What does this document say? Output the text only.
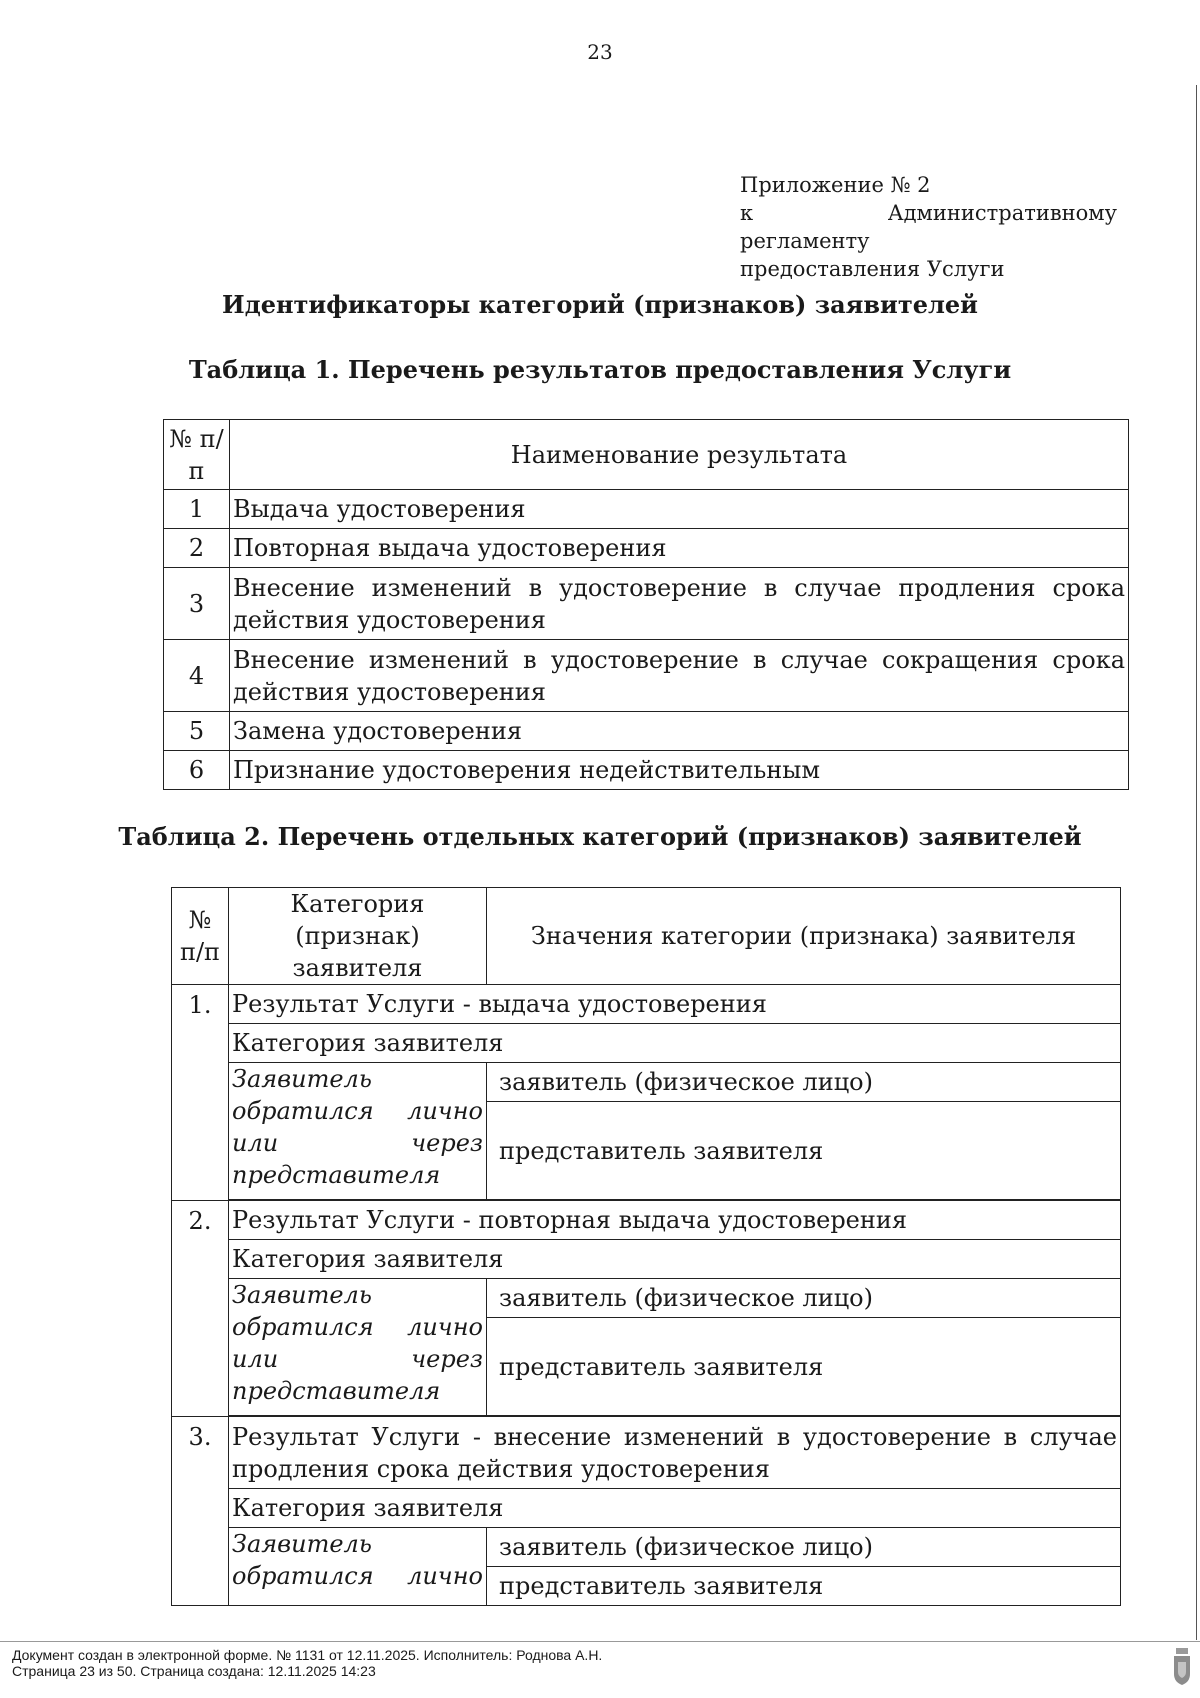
23
Приложение № 2
к Административному регламенту
предоставления Услуги
Идентификаторы категорий (признаков) заявителей
Таблица 1. Перечень результатов предоставления Услуги
№ п/п	Наименование результата
1	Выдача удостоверения
2	Повторная выдача удостоверения
3	Внесение изменений в удостоверение в случае продления срока действия удостоверения
4	Внесение изменений в удостоверение в случае сокращения срока действия удостоверения
5	Замена удостоверения
6	Признание удостоверения недействительным
Таблица 2. Перечень отдельных категорий (признаков) заявителей
№ п/п	Категория (признак) заявителя	Значения категории (признака) заявителя
1.	Результат Услуги - выдача удостоверения	
	Категория заявителя	
	Заявитель обратился лично или через представителя	заявитель (физическое лицо)
		представитель заявителя

2.	Результат Услуги - повторная выдача удостоверения	
	Категория заявителя	
	Заявитель обратился лично или через представителя	заявитель (физическое лицо)
		представитель заявителя

3.	Результат Услуги - внесение изменений в удостоверение в случае продления срока действия удостоверения	
	Категория заявителя	
	Заявитель обратился лично	заявитель (физическое лицо)
		представитель заявителя
Документ создан в электронной форме. № 1131 от 12.11.2025. Исполнитель: Роднова А.Н.
Страница 23 из 50. Страница создана: 12.11.2025 14:23
